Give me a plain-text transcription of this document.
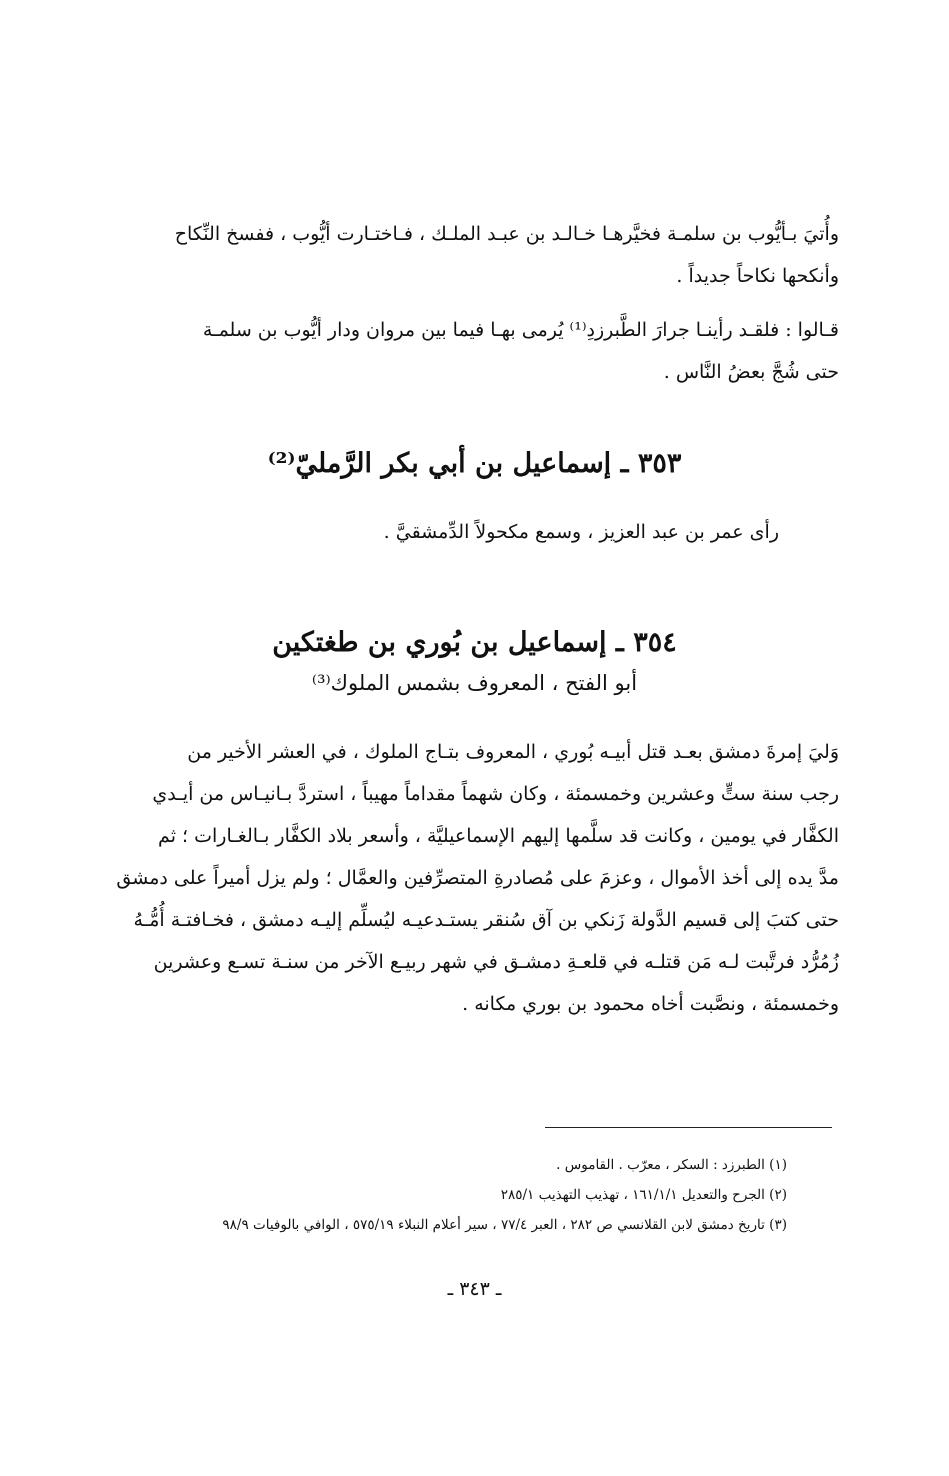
وأُتيَ بـأيُّوب بن سلمـة فخيَّرهـا خـالـد بن عبـد الملـك ، فـاختـارت أيُّوب ، ففسخ النِّكاح

وأنكحها نكاحاً جديداً .

قـالوا : فلقـد رأينـا جرارَ الطَّبرزدِ⁽¹⁾ يُرمى بهـا فيما بين مروان ودار أيُّوب بن سلمـة

حتى شُجَّ بعضُ النَّاس .

٣٥٣ ـ إسماعيل بن أبي بكر الرَّمليّ⁽²⁾
رأى عمر بن عبد العزيز ، وسمع مكحولاً الدِّمشقيَّ .
٣٥٤ ـ إسماعيل بن بُوري بن طغتكين
أبو الفتح ، المعروف بشمس الملوك⁽³⁾

وَليَ إمرةَ دمشق بعـد قتل أبيـه بُوري ، المعروف بتـاج الملوك ، في العشر الأخير من

رجب سنة ستٍّ وعشرين وخمسمئة ، وكان شهماً مقداماً مهيباً ، استردَّ بـانيـاس من أيـدي

الكفَّار في يومين ، وكانت قد سلَّمها إليهم الإسماعيليَّة ، وأسعر بلاد الكفَّار بـالغـارات ؛ ثم

مدَّ يده إلى أخذ الأموال ، وعزمَ على مُصادرةِ المتصرِّفين والعمَّال ؛ ولم يزل أميراً على دمشق

حتى كتبَ إلى قسيم الدَّولة زَنكي بن آق سُنقر يستـدعيـه ليُسلِّم إليـه دمشق ، فخـافتـة أُمُّـهُ

زُمُرُّد فرتَّبت لـه مَن قتلـه في قلعـةِ دمشـق في شهر ربيـع الآخر من سنـة تسـع وعشرين

وخمسمئة ، ونصَّبت أخاه محمود بن بوري مكانه .

(١) الطبرزد : السكر ، معرّب . القاموس .
(٢) الجرح والتعديل ١٦١/١/١ ، تهذيب التهذيب ٢٨٥/١
(٣) تاريخ دمشق لابن القلانسي ص ٢٨٢ ، العبر ٧٧/٤ ، سير أعلام النبلاء ٥٧٥/١٩ ، الوافي بالوفيات ٩٨/٩
ـ ٣٤٣ ـ
